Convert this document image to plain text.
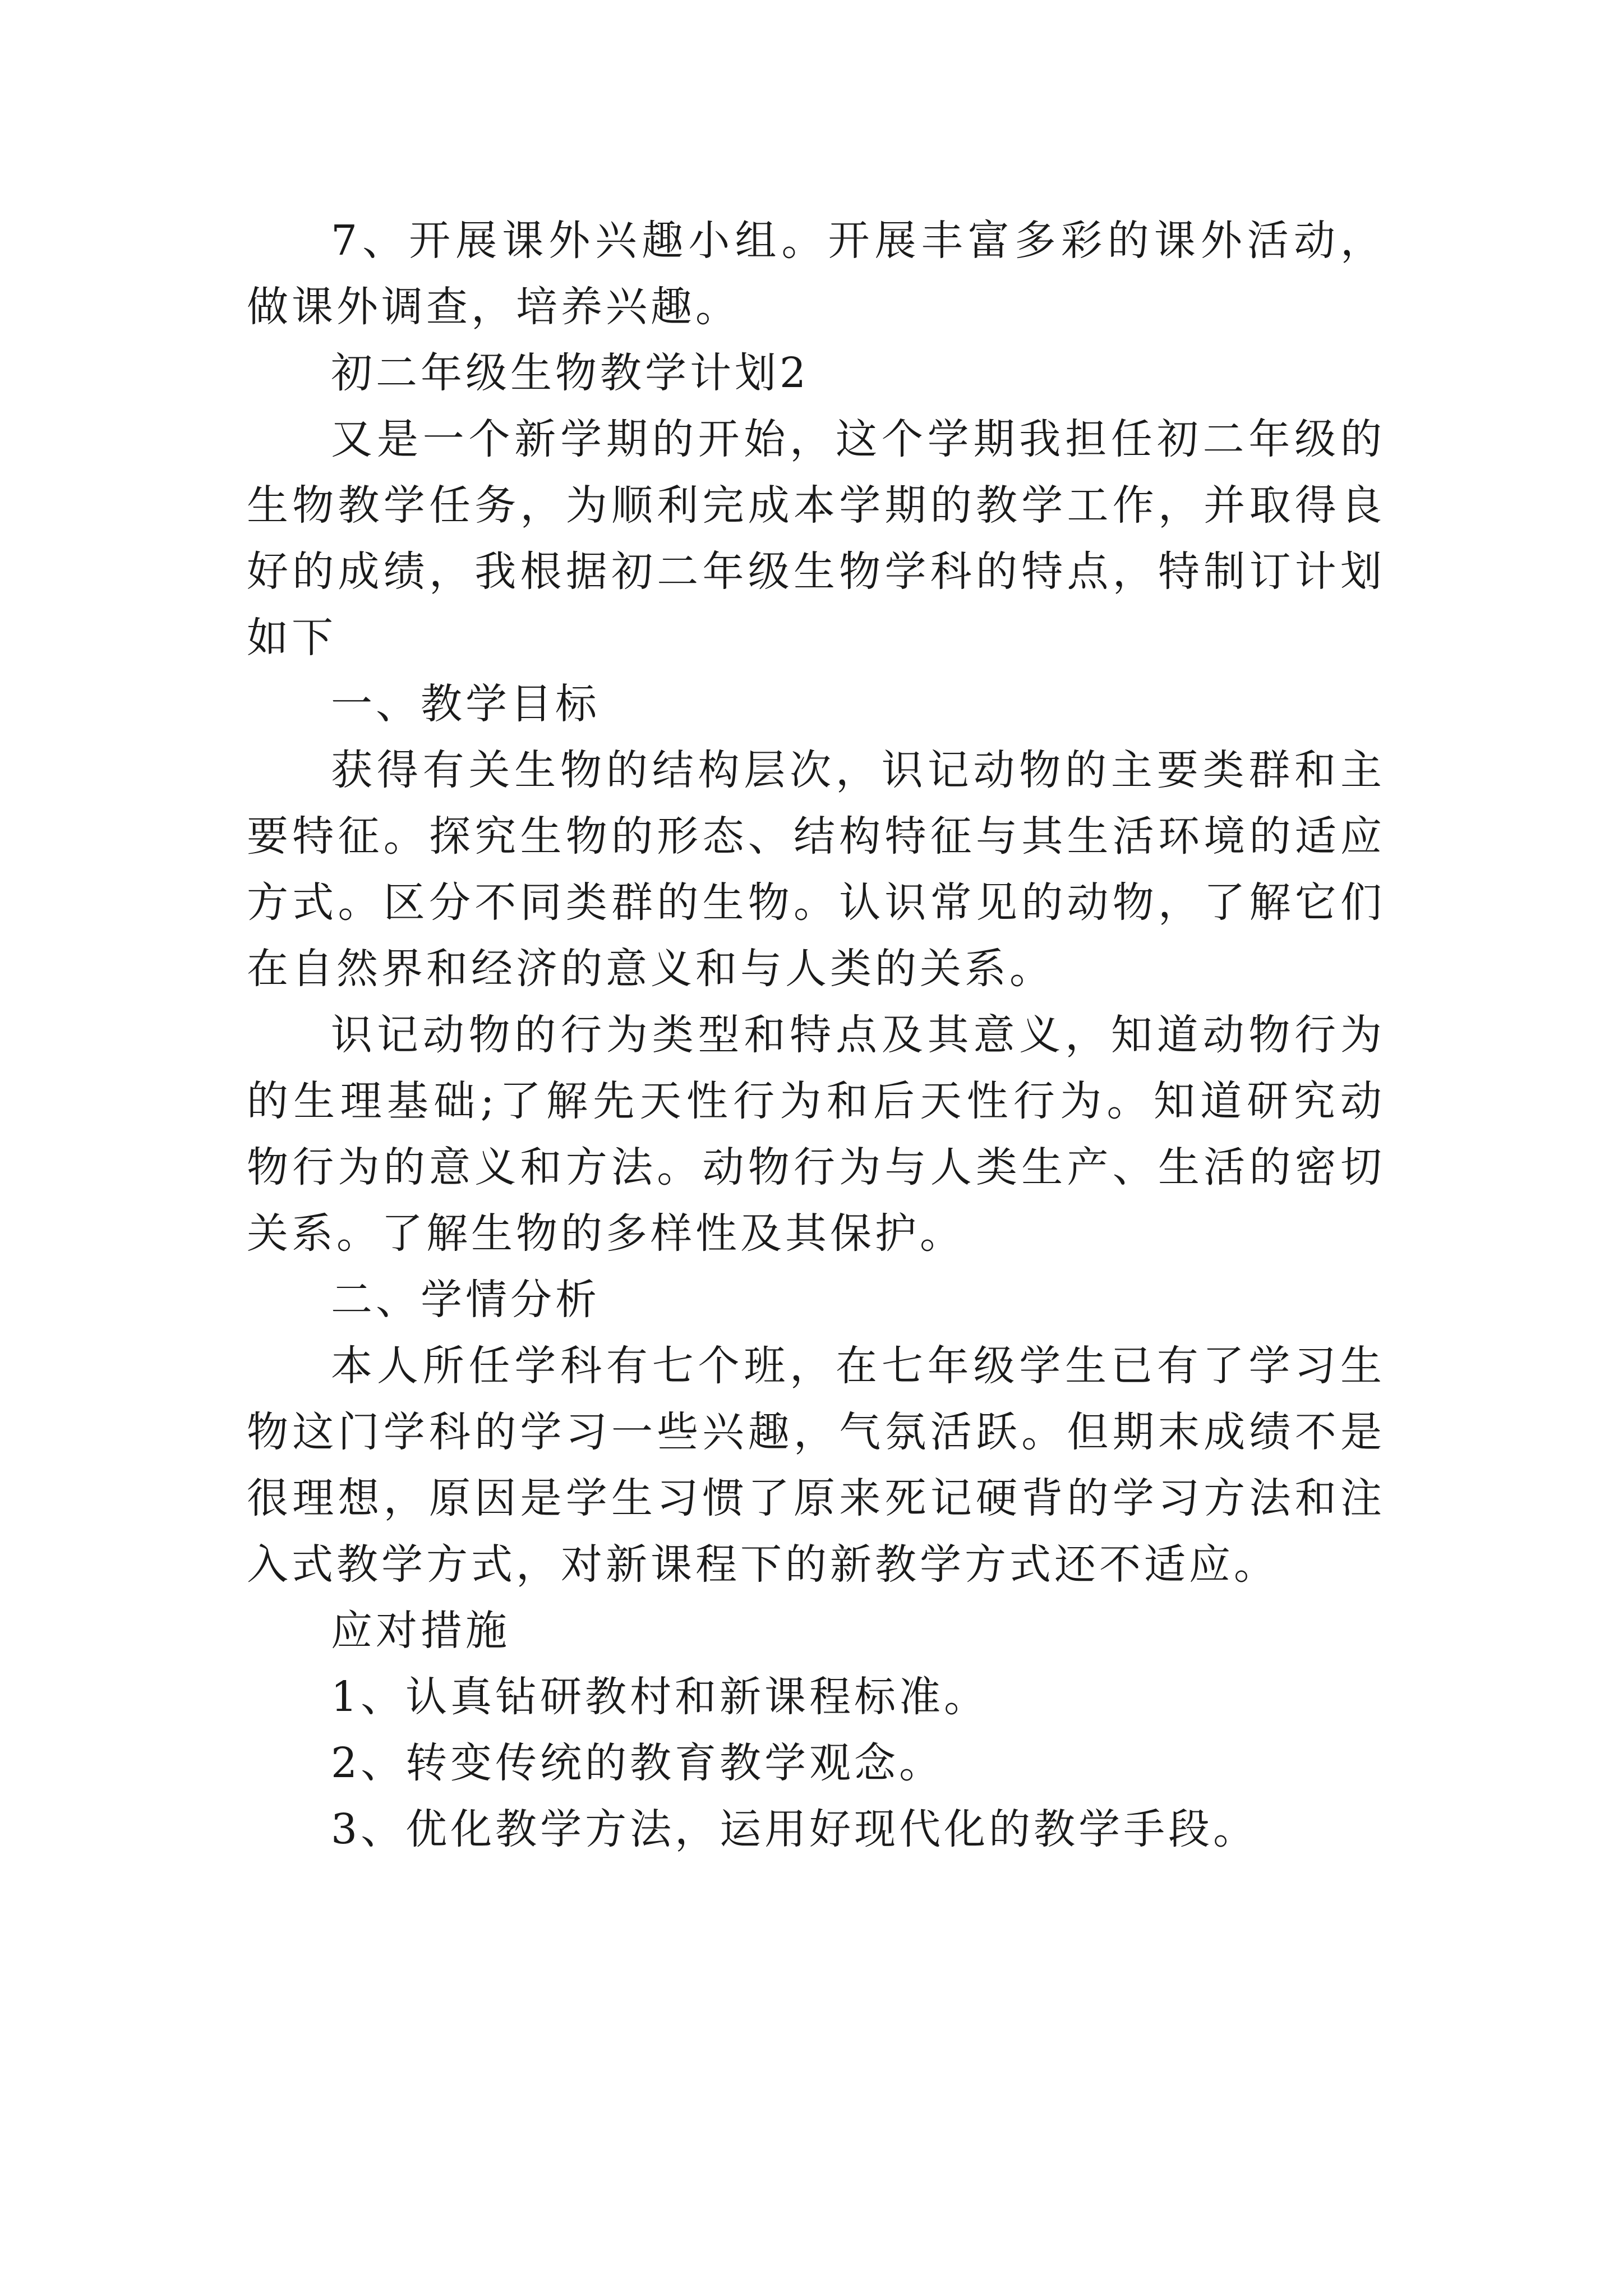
7、开展课外兴趣小组。开展丰富多彩的课外活动，做课外调查，培养兴趣。

初二年级生物教学计划2

又是一个新学期的开始，这个学期我担任初二年级的生物教学任务，为顺利完成本学期的教学工作，并取得良好的成绩，我根据初二年级生物学科的特点，特制订计划如下

一、教学目标

获得有关生物的结构层次，识记动物的主要类群和主要特征。探究生物的形态、结构特征与其生活环境的适应方式。区分不同类群的生物。认识常见的动物，了解它们在自然界和经济的意义和与人类的关系。

识记动物的行为类型和特点及其意义，知道动物行为的生理基础;了解先天性行为和后天性行为。知道研究动物行为的意义和方法。动物行为与人类生产、生活的密切关系。了解生物的多样性及其保护。

二、学情分析

本人所任学科有七个班，在七年级学生已有了学习生物这门学科的学习一些兴趣，气氛活跃。但期末成绩不是很理想，原因是学生习惯了原来死记硬背的学习方法和注入式教学方式，对新课程下的新教学方式还不适应。

应对措施

1、认真钻研教村和新课程标准。

2、转变传统的教育教学观念。

3、优化教学方法，运用好现代化的教学手段。
